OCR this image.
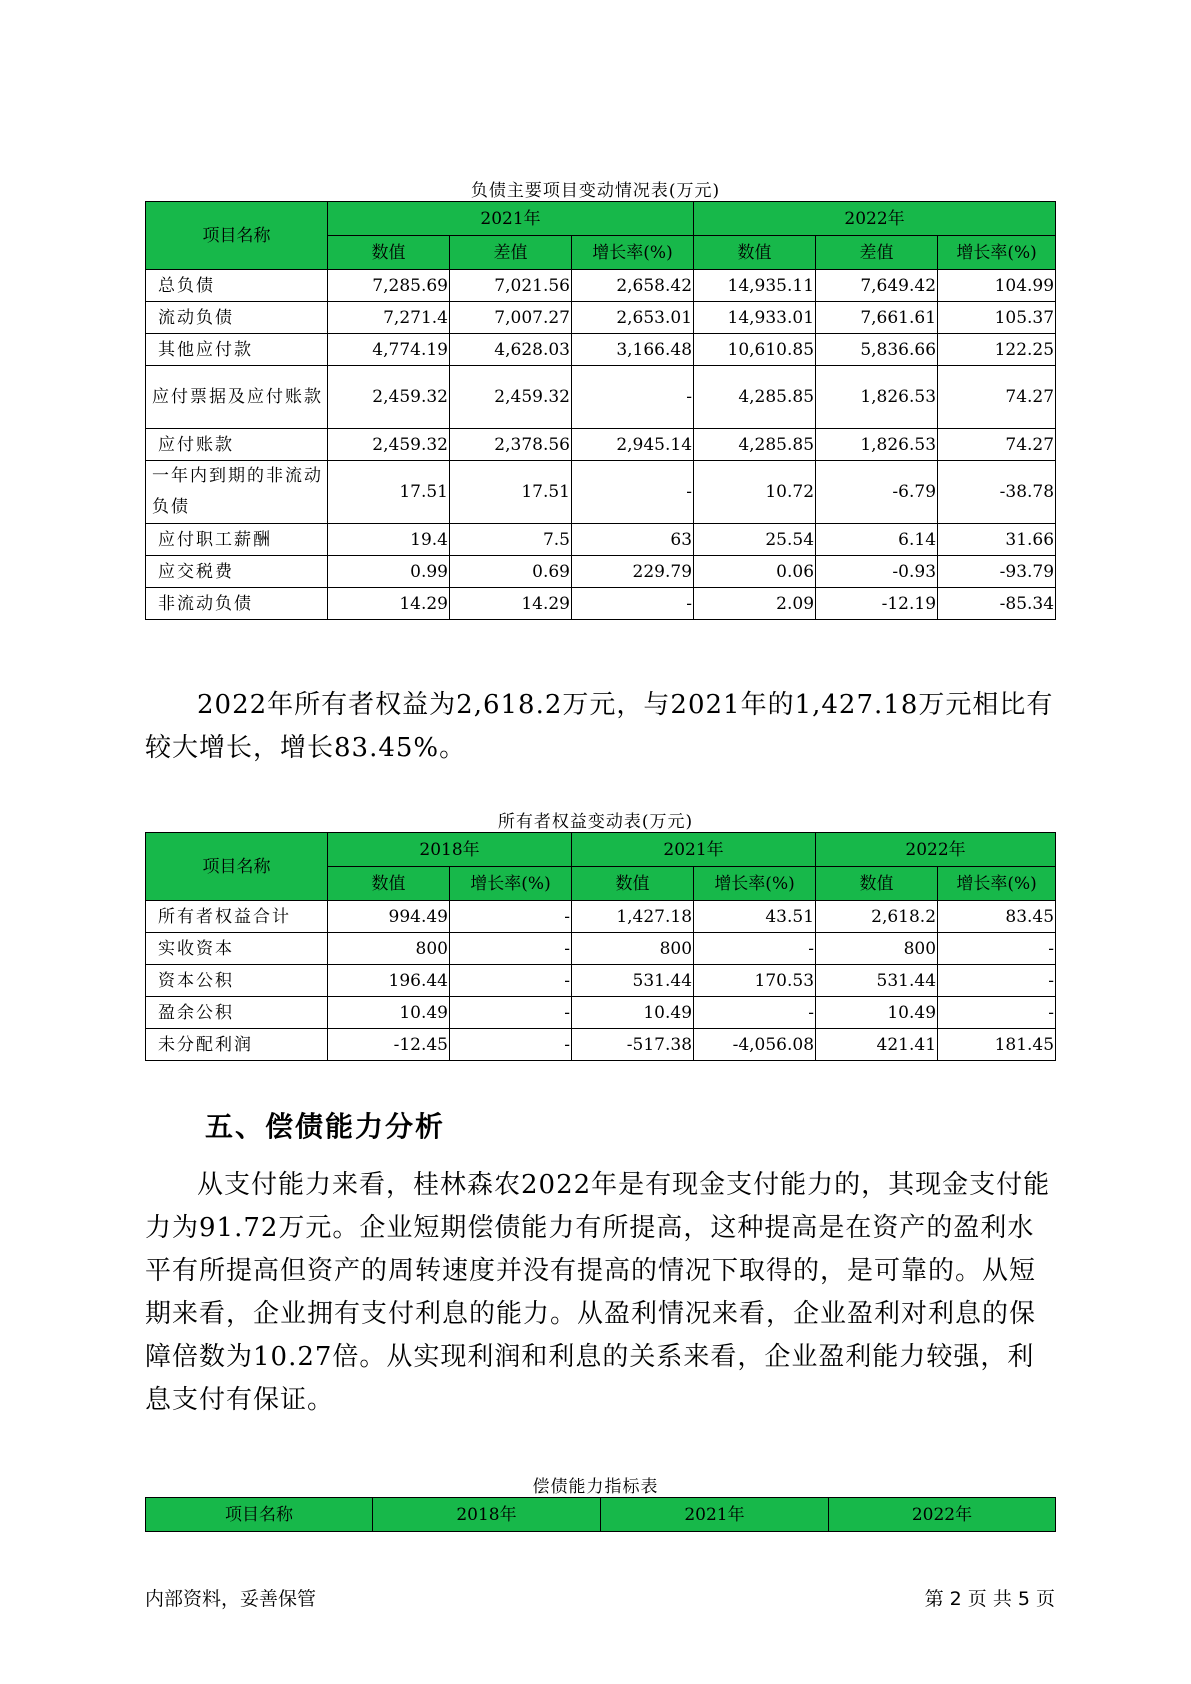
负债主要项目变动情况表(万元)
项目名称	2021年			2022年		
	数值	差值	增长率(%)	数值	差值	增长率(%)
总负债	7,285.69	7,021.56	2,658.42	14,935.11	7,649.42	104.99
流动负债	7,271.4	7,007.27	2,653.01	14,933.01	7,661.61	105.37
其他应付款	4,774.19	4,628.03	3,166.48	10,610.85	5,836.66	122.25
应付票据及应付账款	2,459.32	2,459.32	-	4,285.85	1,826.53	74.27
应付账款	2,459.32	2,378.56	2,945.14	4,285.85	1,826.53	74.27
一年内到期的非流动负债	17.51	17.51	-	10.72	-6.79	-38.78
应付职工薪酬	19.4	7.5	63	25.54	6.14	31.66
应交税费	0.99	0.69	229.79	0.06	-0.93	-93.79
非流动负债	14.29	14.29	-	2.09	-12.19	-85.34
2022年所有者权益为2,618.2万元，与2021年的1,427.18万元相比有较大增长，增长83.45%。
所有者权益变动表(万元)
项目名称	2018年		2021年		2022年	
	数值	增长率(%)	数值	增长率(%)	数值	增长率(%)
所有者权益合计	994.49	-	1,427.18	43.51	2,618.2	83.45
实收资本	800	-	800	-	800	-
资本公积	196.44	-	531.44	170.53	531.44	-
盈余公积	10.49	-	10.49	-	10.49	-
未分配利润	-12.45	-	-517.38	-4,056.08	421.41	181.45
五、偿债能力分析
从支付能力来看，桂林森农2022年是有现金支付能力的，其现金支付能力为91.72万元。企业短期偿债能力有所提高，这种提高是在资产的盈利水平有所提高但资产的周转速度并没有提高的情况下取得的，是可靠的。从短期来看，企业拥有支付利息的能力。从盈利情况来看，企业盈利对利息的保障倍数为10.27倍。从实现利润和利息的关系来看，企业盈利能力较强，利息支付有保证。
偿债能力指标表
项目名称	2018年	2021年	2022年
内部资料，妥善保管	第 2 页 共 5 页
